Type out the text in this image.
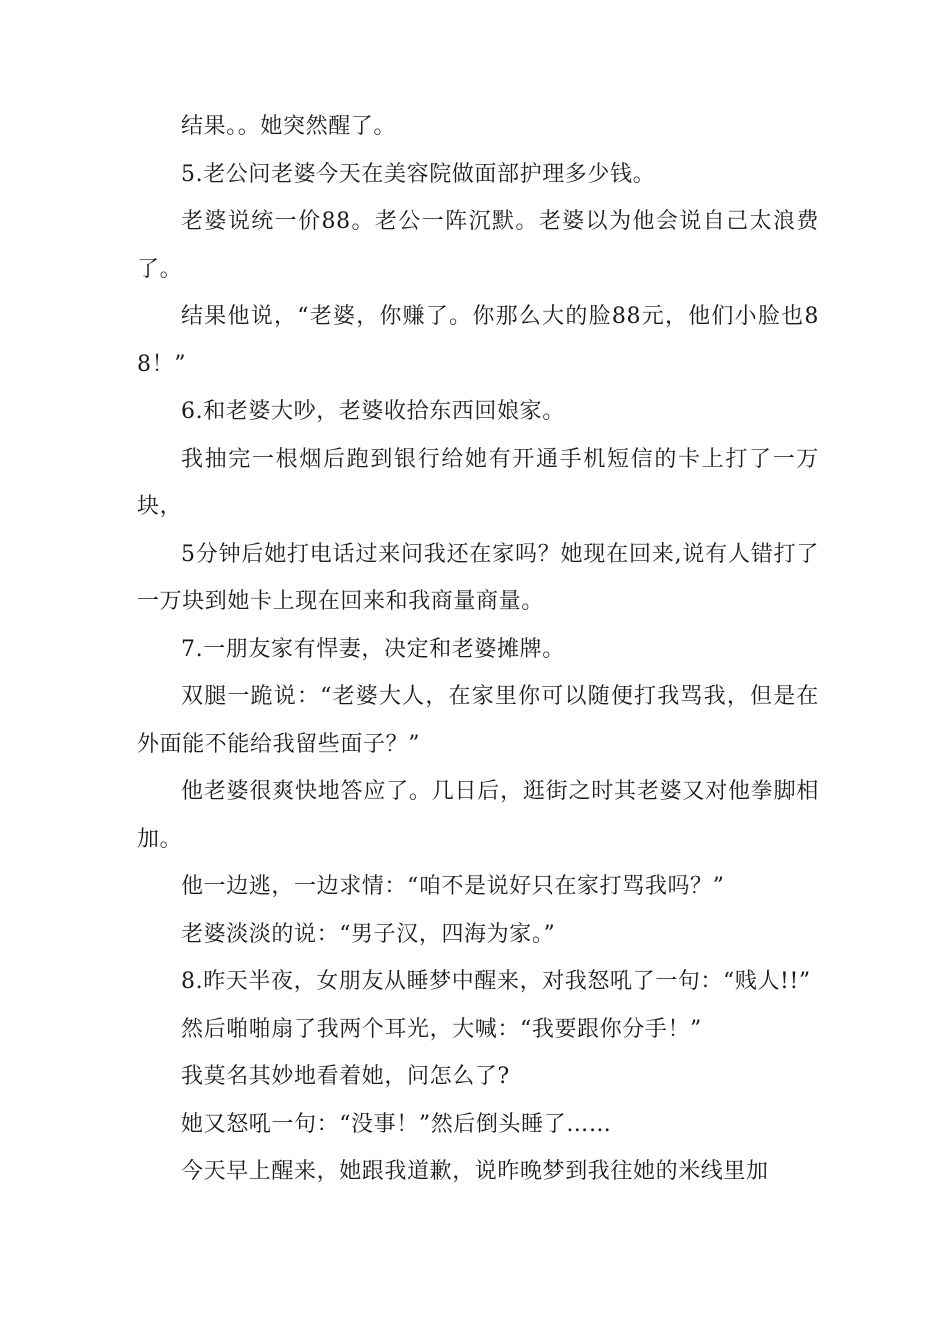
结果。。她突然醒了。

5.老公问老婆今天在美容院做面部护理多少钱。

老婆说统一价88。老公一阵沉默。老婆以为他会说自己太浪费了。

结果他说，“老婆，你赚了。你那么大的脸88元，他们小脸也88！”

6.和老婆大吵，老婆收拾东西回娘家。

我抽完一根烟后跑到银行给她有开通手机短信的卡上打了一万块，

5分钟后她打电话过来问我还在家吗？她现在回来,说有人错打了一万块到她卡上现在回来和我商量商量。

7.一朋友家有悍妻，决定和老婆摊牌。

双腿一跪说：“老婆大人，在家里你可以随便打我骂我，但是在外面能不能给我留些面子？”

他老婆很爽快地答应了。几日后，逛街之时其老婆又对他拳脚相加。

他一边逃，一边求情：“咱不是说好只在家打骂我吗？”

老婆淡淡的说：“男子汉，四海为家。”

8.昨天半夜，女朋友从睡梦中醒来，对我怒吼了一句：“贱人!!”

然后啪啪扇了我两个耳光，大喊：“我要跟你分手！”

我莫名其妙地看着她，问怎么了?

她又怒吼一句：“没事！”然后倒头睡了……

今天早上醒来，她跟我道歉，说昨晚梦到我往她的米线里加
